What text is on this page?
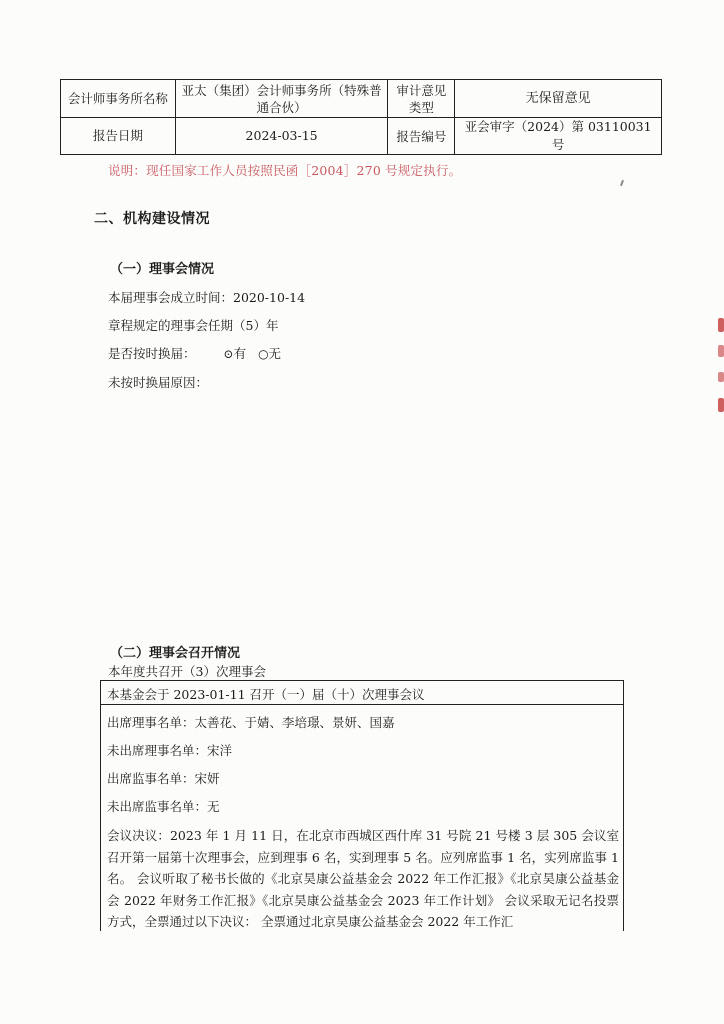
会计师事务所名称	亚太（集团）会计师事务所（特殊普通合伙）	审计意见类型	无保留意见
报告日期	2024-03-15	报告编号	亚会审字（2024）第 03110031 号
说明：现任国家工作人员按照民函［2004］270 号规定执行。
二、机构建设情况
（一）理事会情况
本届理事会成立时间：2020-10-14
章程规定的理事会任期（5）年
是否按时换届： ⊙有 ○无
未按时换届原因：
（二）理事会召开情况
本年度共召开（3）次理事会
本基金会于 2023-01-11 召开（一）届（十）次理事会议
出席理事名单：太善花、于婧、李培璟、景妍、国嘉
未出席理事名单：宋洋
出席监事名单：宋妍
未出席监事名单：无
会议决议：2023 年 1 月 11 日，在北京市西城区西什库 31 号院 21 号楼 3 层 305 会议室召开第一届第十次理事会，应到理事 6 名，实到理事 5 名。应列席监事 1 名，实列席监事 1 名。 会议听取了秘书长做的《北京昊康公益基金会 2022 年工作汇报》《北京昊康公益基金会 2022 年财务工作汇报》《北京昊康公益基金会 2023 年工作计划》 会议采取无记名投票方式，全票通过以下决议： 全票通过北京昊康公益基金会 2022 年工作汇
